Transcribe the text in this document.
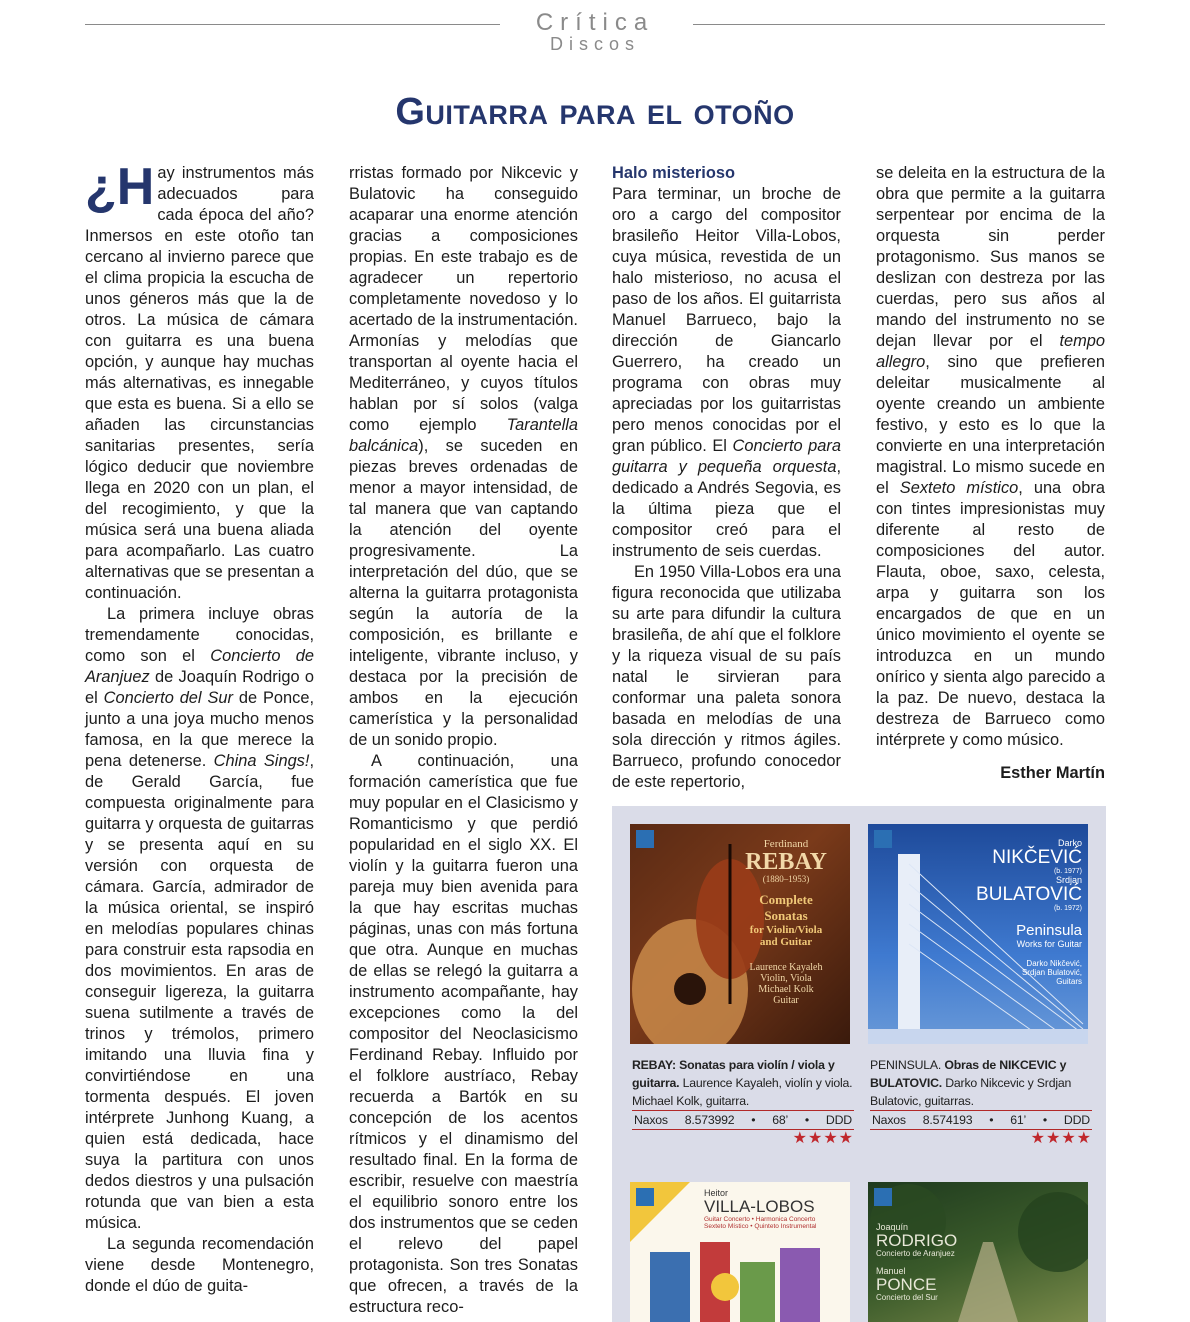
Crítica
Discos
Guitarra para el otoño

¿H ay instrumentos más adecuados para cada época del año? Inmersos en este otoño tan cercano al invierno parece que el clima propicia la escucha de unos géneros más que la de otros. La música de cámara con guitarra es una buena opción, y aunque hay muchas más alternativas, es innegable que esta es buena. Si a ello se añaden las circunstancias sanitarias presentes, sería lógico deducir que noviembre llega en 2020 con un plan, el del recogimiento, y que la música será una buena aliada para acompañarlo. Las cuatro alternativas que se presentan a continuación.

La primera incluye obras tremendamente conocidas, como son el Concierto de Aranjuez de Joaquín Rodrigo o el Concierto del Sur de Ponce, junto a una joya mucho menos famosa, en la que merece la pena detenerse. China Sings!, de Gerald García, fue compuesta originalmente para guitarra y orquesta de guitarras y se presenta aquí en su versión con orquesta de cámara. García, admirador de la música oriental, se inspiró en melodías populares chinas para construir esta rapsodia en dos movimientos. En aras de conseguir ligereza, la guitarra suena sutilmente a través de trinos y trémolos, primero imitando una lluvia fina y convirtiéndose en una tormenta después. El joven intérprete Junhong Kuang, a quien está dedicada, hace suya la partitura con unos dedos diestros y una pulsación rotunda que van bien a esta música.

La segunda recomendación viene desde Montenegro, donde el dúo de guita-

rristas formado por Nikcevic y Bulatovic ha conseguido acaparar una enorme atención gracias a composiciones propias. En este trabajo es de agradecer un repertorio completamente novedoso y lo acertado de la instrumentación. Armonías y melodías que transportan al oyente hacia el Mediterráneo, y cuyos títulos hablan por sí solos (valga como ejemplo Tarantella balcánica), se suceden en piezas breves ordenadas de menor a mayor intensidad, de tal manera que van captando la atención del oyente progresivamente. La interpretación del dúo, que se alterna la guitarra protagonista según la autoría de la composición, es brillante e inteligente, vibrante incluso, y destaca por la precisión de ambos en la ejecución camerística y la personalidad de un sonido propio.

A continuación, una formación camerística que fue muy popular en el Clasicismo y Romanticismo y que perdió popularidad en el siglo XX. El violín y la guitarra fueron una pareja muy bien avenida para la que hay escritas muchas páginas, unas con más fortuna que otra. Aunque en muchas de ellas se relegó la guitarra a instrumento acompañante, hay excepciones como la del compositor del Neoclasicismo Ferdinand Rebay. Influido por el folklore austríaco, Rebay recuerda a Bartók en su concepción de los acentos rítmicos y el dinamismo del resultado final. En la forma de escribir, resuelve con maestría el equilibrio sonoro entre los dos instrumentos que se ceden el relevo del papel protagonista. Son tres Sonatas que ofrecen, a través de la estructura reco-

Halo misterioso

Para terminar, un broche de oro a cargo del compositor brasileño Heitor Villa-Lobos, cuya música, revestida de un halo misterioso, no acusa el paso de los años. El guitarrista Manuel Barrueco, bajo la dirección de Giancarlo Guerrero, ha creado un programa con obras muy apreciadas por los guitarristas pero menos conocidas por el gran público. El Concierto para guitarra y pequeña orquesta, dedicado a Andrés Segovia, es la última pieza que el compositor creó para el instrumento de seis cuerdas.

En 1950 Villa-Lobos era una figura reconocida que utilizaba su arte para difundir la cultura brasileña, de ahí que el folklore y la riqueza visual de su país natal le sirvieran para conformar una paleta sonora basada en melodías de una sola dirección y ritmos ágiles. Barrueco, profundo conocedor de este repertorio,

se deleita en la estructura de la obra que permite a la guitarra serpentear por encima de la orquesta sin perder protagonismo. Sus manos se deslizan con destreza por las cuerdas, pero sus años al mando del instrumento no se dejan llevar por el tempo allegro, sino que prefieren deleitar musicalmente al oyente creando un ambiente festivo, y esto es lo que la convierte en una interpretación magistral. Lo mismo sucede en el Sexteto místico, una obra con tintes impresionistas muy diferente al resto de composiciones del autor. Flauta, oboe, saxo, celesta, arpa y guitarra son los encargados de que en un único movimiento el oyente se introduzca en un mundo onírico y sienta algo parecido a la paz. De nuevo, destaca la destreza de Barrueco como intérprete y como músico.

Esther Martín
Ferdinand
REBAY
(1880–1953)
Complete
Sonatas
for Violin/Viola
and Guitar
Laurence Kayaleh
Violin, Viola
Michael Kolk
Guitar
Darko
NIKČEVIĆ
(b. 1977)
Srdjan
BULATOVIĆ
(b. 1972)
Peninsula
Works for Guitar
Darko Nikčević,
Srdjan Bulatović,
Guitars
REBAY: Sonatas para violín / viola y guitarra. Laurence Kayaleh, violín y viola. Michael Kolk, guitarra.
Naxos 8.573992 • 68’ • DDD
★★★★
PENINSULA. Obras de NIKCEVIC y BULATOVIC. Darko Nikcevic y Srdjan Bulatovic, guitarras.
Naxos 8.574193 • 61’ • DDD
★★★★
Heitor
VILLA-LOBOS
Guitar Concerto • Harmonica Concerto
Sexteto Místico • Quinteto Instrumental	Joaquín
RODRIGO
Concierto de Aranjuez
Manuel
PONCE
Concierto del Sur
